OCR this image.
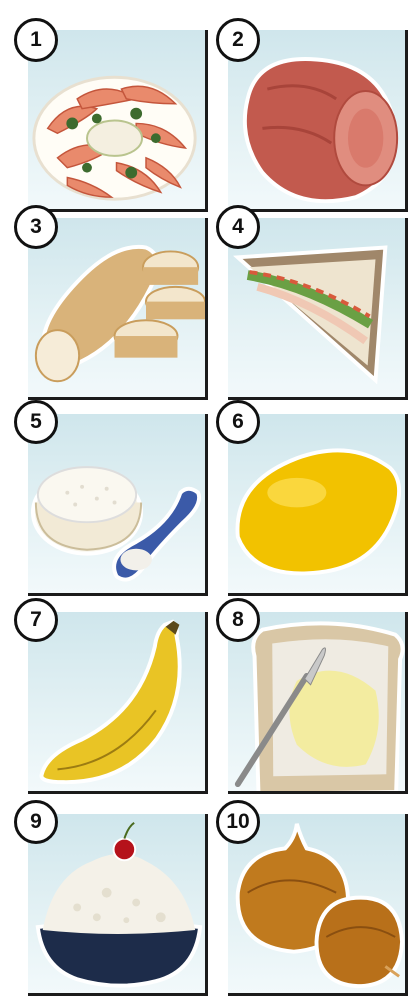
1	2
3	4
5	6
7	8
9	10
